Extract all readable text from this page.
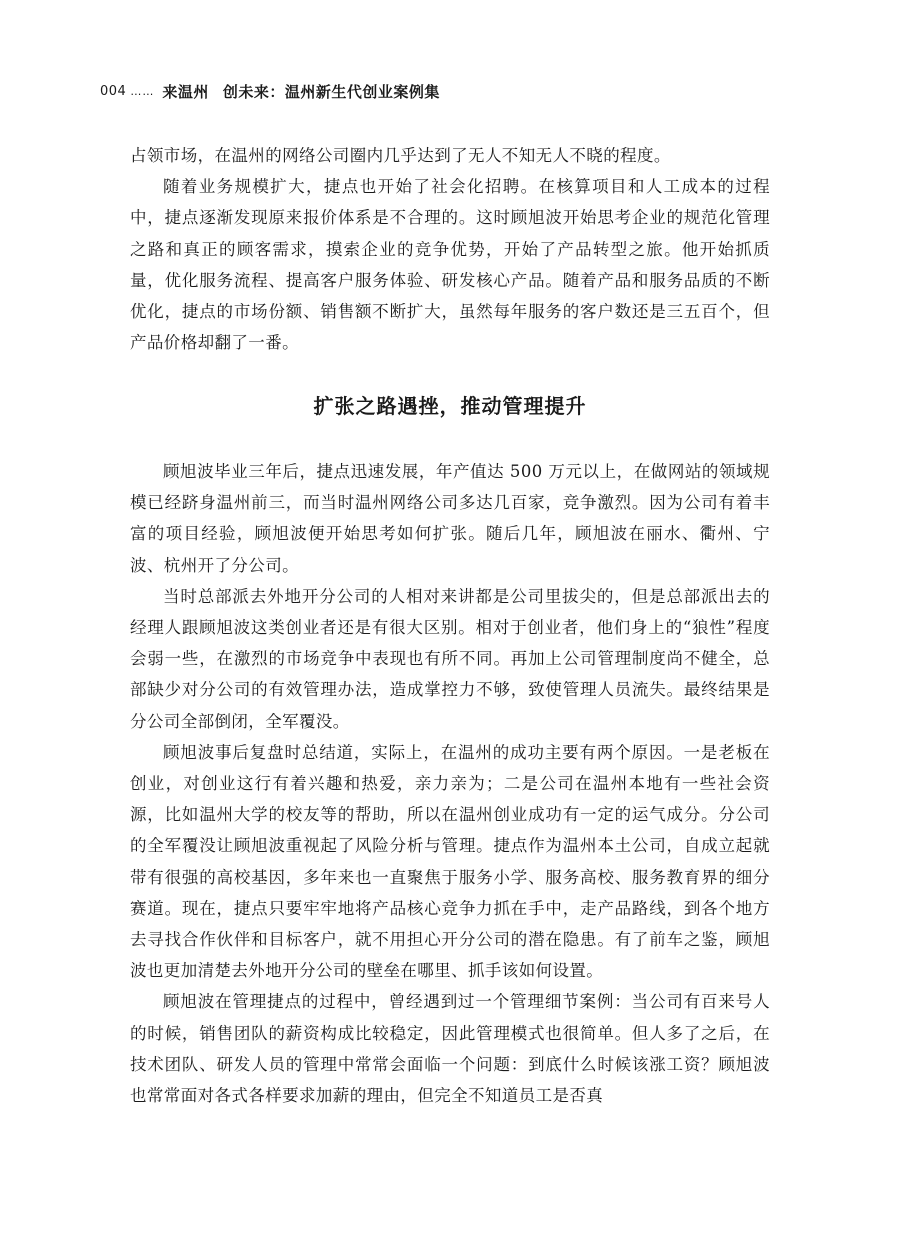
004 …… 来温州 创未来：温州新生代创业案例集

占领市场，在温州的网络公司圈内几乎达到了无人不知无人不晓的程度。

随着业务规模扩大，捷点也开始了社会化招聘。在核算项目和人工成本的过程中，捷点逐渐发现原来报价体系是不合理的。这时顾旭波开始思考企业的规范化管理之路和真正的顾客需求，摸索企业的竞争优势，开始了产品转型之旅。他开始抓质量，优化服务流程、提高客户服务体验、研发核心产品。随着产品和服务品质的不断优化，捷点的市场份额、销售额不断扩大，虽然每年服务的客户数还是三五百个，但产品价格却翻了一番。

扩张之路遇挫，推动管理提升

顾旭波毕业三年后，捷点迅速发展，年产值达 500 万元以上，在做网站的领域规模已经跻身温州前三，而当时温州网络公司多达几百家，竞争激烈。因为公司有着丰富的项目经验，顾旭波便开始思考如何扩张。随后几年，顾旭波在丽水、衢州、宁波、杭州开了分公司。

当时总部派去外地开分公司的人相对来讲都是公司里拔尖的，但是总部派出去的经理人跟顾旭波这类创业者还是有很大区别。相对于创业者，他们身上的“狼性”程度会弱一些，在激烈的市场竞争中表现也有所不同。再加上公司管理制度尚不健全，总部缺少对分公司的有效管理办法，造成掌控力不够，致使管理人员流失。最终结果是分公司全部倒闭，全军覆没。

顾旭波事后复盘时总结道，实际上，在温州的成功主要有两个原因。一是老板在创业，对创业这行有着兴趣和热爱，亲力亲为；二是公司在温州本地有一些社会资源，比如温州大学的校友等的帮助，所以在温州创业成功有一定的运气成分。分公司的全军覆没让顾旭波重视起了风险分析与管理。捷点作为温州本土公司，自成立起就带有很强的高校基因，多年来也一直聚焦于服务小学、服务高校、服务教育界的细分赛道。现在，捷点只要牢牢地将产品核心竞争力抓在手中，走产品路线，到各个地方去寻找合作伙伴和目标客户，就不用担心开分公司的潜在隐患。有了前车之鉴，顾旭波也更加清楚去外地开分公司的壁垒在哪里、抓手该如何设置。

顾旭波在管理捷点的过程中，曾经遇到过一个管理细节案例：当公司有百来号人的时候，销售团队的薪资构成比较稳定，因此管理模式也很简单。但人多了之后，在技术团队、研发人员的管理中常常会面临一个问题：到底什么时候该涨工资？顾旭波也常常面对各式各样要求加薪的理由，但完全不知道员工是否真
